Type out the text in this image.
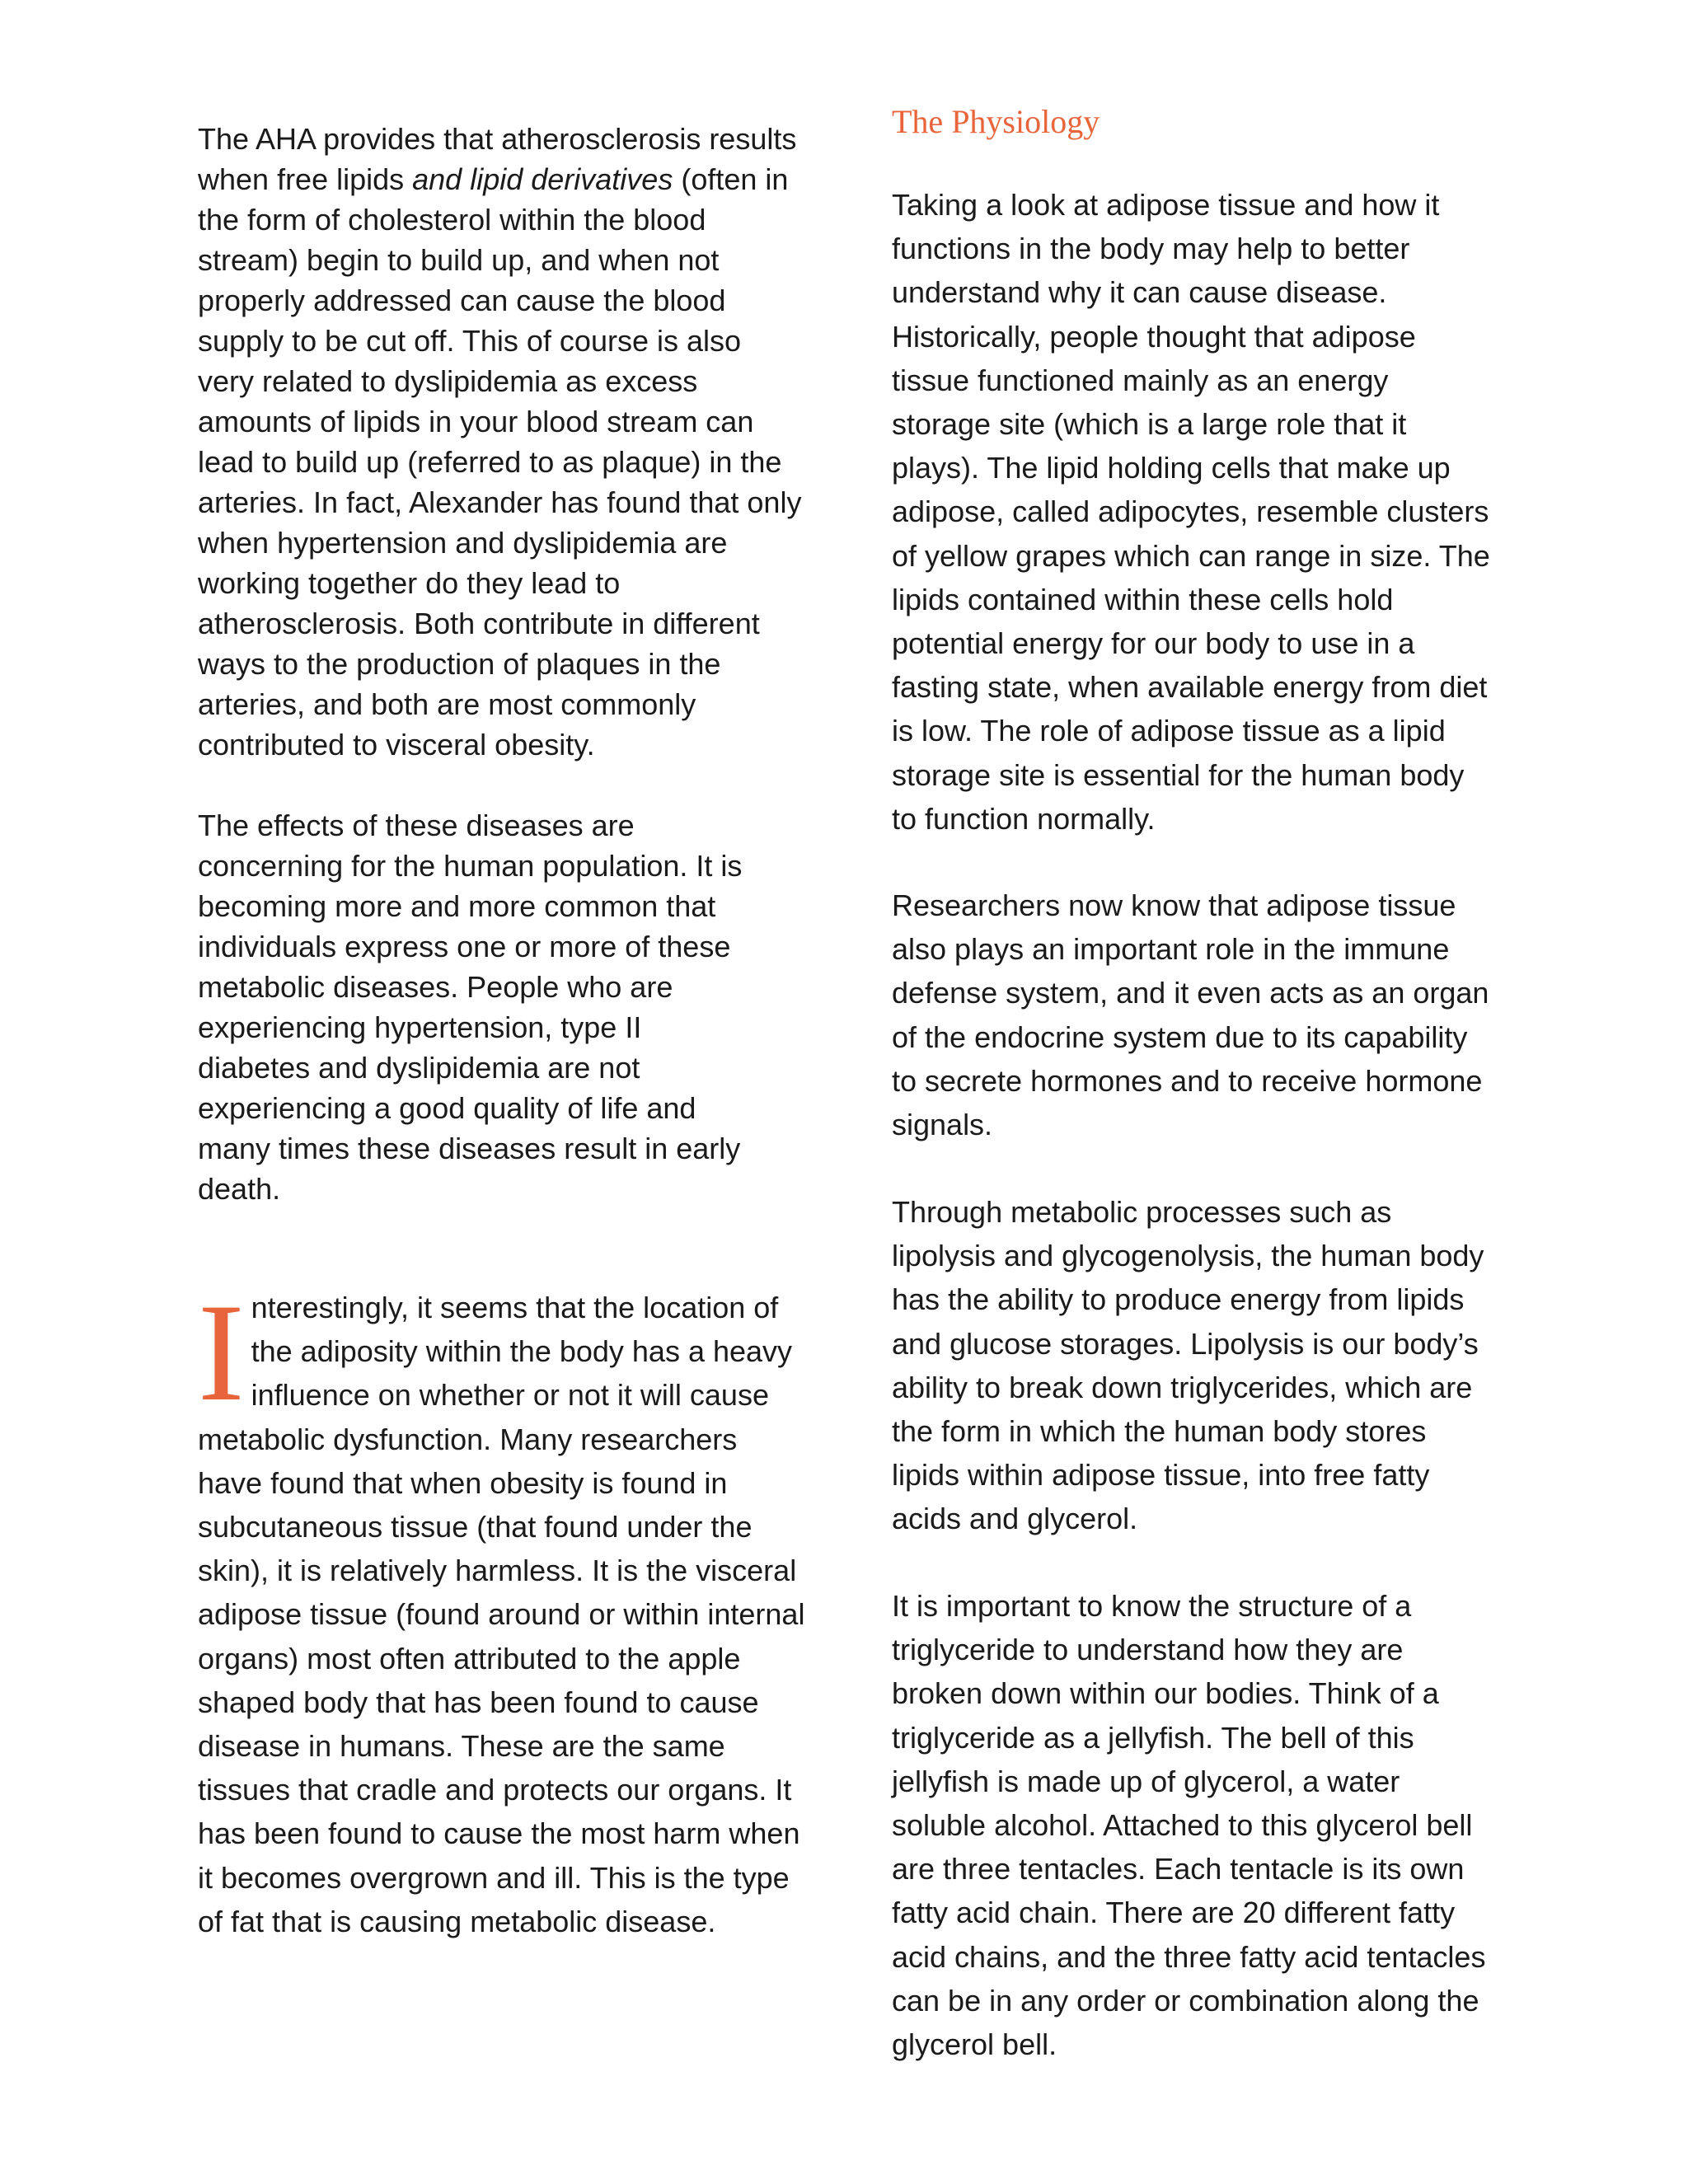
The AHA provides that atherosclerosis results when free lipids and lipid derivatives (often in the form of cholesterol within the blood stream) begin to build up, and when not properly addressed can cause the blood supply to be cut off. This of course is also very related to dyslipidemia as excess amounts of lipids in your blood stream can lead to build up (referred to as plaque) in the arteries. In fact, Alexander has found that only when hypertension and dyslipidemia are working together do they lead to atherosclerosis. Both contribute in different ways to the production of plaques in the arteries, and both are most commonly contributed to visceral obesity.

The effects of these diseases are concerning for the human population. It is becoming more and more common that individuals express one or more of these metabolic diseases. People who are experiencing hypertension, type II diabetes and dyslipidemia are not experiencing a good quality of life and many times these diseases result in early death.

Interestingly, it seems that the location of the adiposity within the body has a heavy influence on whether or not it will cause metabolic dysfunction. Many researchers have found that when obesity is found in subcutaneous tissue (that found under the skin), it is relatively harmless. It is the visceral adipose tissue (found around or within internal organs) most often attributed to the apple shaped body that has been found to cause disease in humans. These are the same tissues that cradle and protects our organs. It has been found to cause the most harm when it becomes overgrown and ill. This is the type of fat that is causing metabolic disease.

The Physiology

Taking a look at adipose tissue and how it functions in the body may help to better understand why it can cause disease. Historically, people thought that adipose tissue functioned mainly as an energy storage site (which is a large role that it plays). The lipid holding cells that make up adipose, called adipocytes, resemble clusters of yellow grapes which can range in size. The lipids contained within these cells hold potential energy for our body to use in a fasting state, when available energy from diet is low. The role of adipose tissue as a lipid storage site is essential for the human body to function normally.

Researchers now know that adipose tissue also plays an important role in the immune defense system, and it even acts as an organ of the endocrine system due to its capability to secrete hormones and to receive hormone signals.

Through metabolic processes such as lipolysis and glycogenolysis, the human body has the ability to produce energy from lipids and glucose storages. Lipolysis is our body’s ability to break down triglycerides, which are the form in which the human body stores lipids within adipose tissue, into free fatty acids and glycerol.

It is important to know the structure of a triglyceride to understand how they are broken down within our bodies. Think of a triglyceride as a jellyfish. The bell of this jellyfish is made up of glycerol, a water soluble alcohol. Attached to this glycerol bell are three tentacles. Each tentacle is its own fatty acid chain. There are 20 different fatty acid chains, and the three fatty acid tentacles can be in any order or combination along the glycerol bell.
